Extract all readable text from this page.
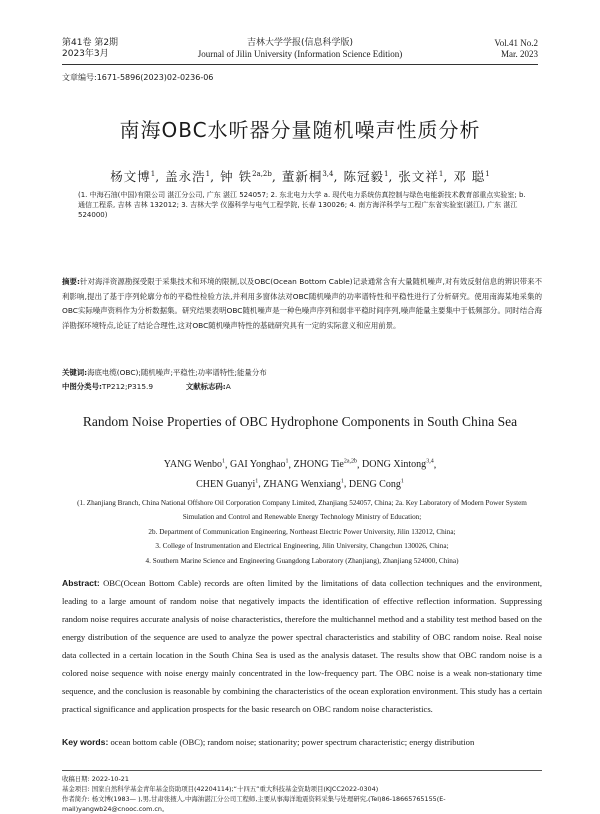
第41卷 第2期
2023年3月
吉林大学学报(信息科学版)
Journal of Jilin University (Information Science Edition)
Vol.41 No.2
Mar. 2023
文章编号:1671-5896(2023)02-0236-06
南海OBC水听器分量随机噪声性质分析
杨文博$^1$, 盖永浩$^1$, 钟 铁$^{2a,2b}$, 董新桐$^{3,4}$, 陈冠毅$^1$, 张文祥$^1$, 邓 聪$^1$

(1. 中海石油(中国)有限公司 湛江分公司, 广东 湛江 524057; 2. 东北电力大学 a. 现代电力系统仿真控制与绿色电能新技术教育部重点实验室; b. 通信工程系, 吉林 吉林 132012; 3. 吉林大学 仪器科学与电气工程学院, 长春 130026; 4. 南方海洋科学与工程广东省实验室(湛江), 广东 湛江 524000)

摘要:针对海洋资源勘探受限于采集技术和环境的限制,以及OBC(Ocean Bottom Cable)记录通常含有大量随机噪声,对有效反射信息的辨识带来不利影响,提出了基于序列轮廓分布的平稳性检验方法,并利用多窗体法对OBC随机噪声的功率谱特性和平稳性进行了分析研究。使用南海某地采集的OBC实际噪声资料作为分析数据集。研究结果表明OBC随机噪声是一种色噪声序列和弱非平稳时间序列,噪声能量主要集中于低频部分。同时结合海洋勘探环境特点,论证了结论合理性,这对OBC随机噪声特性的基础研究具有一定的实际意义和应用前景。
关键词:海底电缆(OBC);随机噪声;平稳性;功率谱特性;能量分布
中图分类号:TP212;P315.9	文献标志码:A
Random Noise Properties of OBC Hydrophone Components in South China Sea
YANG Wenbo$^1$, GAI Yonghao$^1$, ZHONG Tie$^{2a,2b}$, DONG Xintong$^{3,4}$,
CHEN Guanyi$^1$, ZHANG Wenxiang$^1$, DENG Cong$^1$

(1. Zhanjiang Branch, China National Offshore Oil Corporation Company Limited, Zhanjiang 524057, China; 2a. Key Laboratory of Modern Power System Simulation and Control and Renewable Energy Technology Ministry of Education;

2b. Department of Communication Engineering, Northeast Electric Power University, Jilin 132012, China;

3. College of Instrumentation and Electrical Engineering, Jilin University, Changchun 130026, China;

4. Southern Marine Science and Engineering Guangdong Laboratory (Zhanjiang), Zhanjiang 524000, China)

Abstract: OBC(Ocean Bottom Cable) records are often limited by the limitations of data collection techniques and the environment, leading to a large amount of random noise that negatively impacts the identification of effective reflection information. Suppressing random noise requires accurate analysis of noise characteristics, therefore the multichannel method and a stability test method based on the energy distribution of the sequence are used to analyze the power spectral characteristics and stability of OBC random noise. Real noise data collected in a certain location in the South China Sea is used as the analysis dataset. The results show that OBC random noise is a colored noise sequence with noise energy mainly concentrated in the low-frequency part. The OBC noise is a weak non-stationary time sequence, and the conclusion is reasonable by combining the characteristics of the ocean exploration environment. This study has a certain practical significance and application prospects for the basic research on OBC random noise characteristics.
Key words: ocean bottom cable (OBC); random noise; stationarity; power spectrum characteristic; energy distribution

收稿日期: 2022-10-21

基金项目: 国家自然科学基金青年基金资助项目(42204114);“十四五”重大科技基金资助项目(KJCC2022-0304)

作者简介: 杨文博(1983— ),男,甘肃张掖人,中海油湛江分公司工程师,主要从事海洋地震资料采集与处理研究,(Tel)86-18665765155(E-mail)yangwb24@cnooc.com.cn。
